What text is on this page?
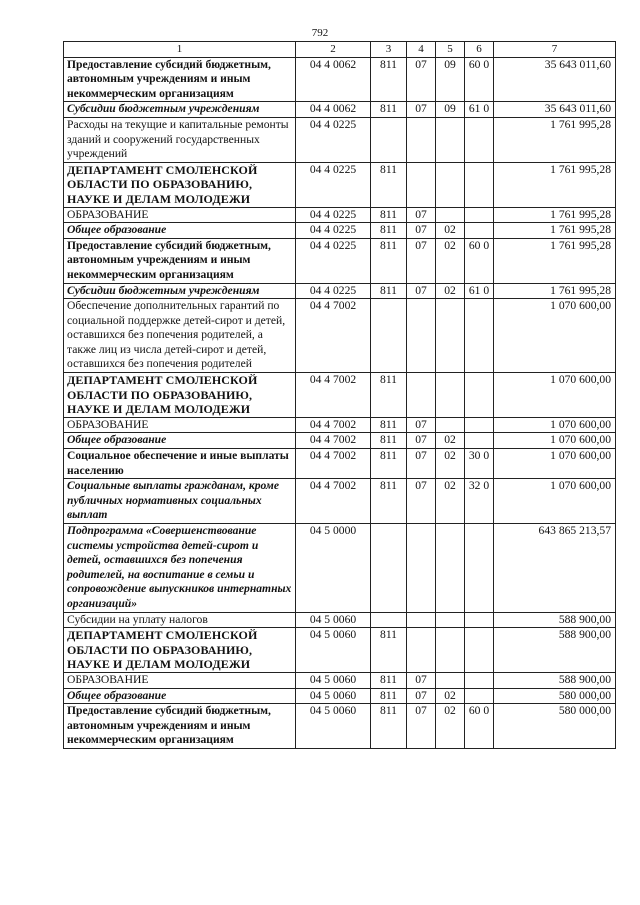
792
1	2	3	4	5	6	7
Предоставление субсидий бюджетным, автономным учреждениям и иным некоммерческим организациям	04 4 0062	811	07	09	60 0	35 643 011,60
Субсидии бюджетным учреждениям	04 4 0062	811	07	09	61 0	35 643 011,60
Расходы на текущие и капитальные ремонты зданий и сооружений государственных учреждений	04 4 0225					1 761 995,28
ДЕПАРТАМЕНТ СМОЛЕНСКОЙ ОБЛАСТИ ПО ОБРАЗОВАНИЮ, НАУКЕ И ДЕЛАМ МОЛОДЕЖИ	04 4 0225	811				1 761 995,28
ОБРАЗОВАНИЕ	04 4 0225	811	07			1 761 995,28
Общее образование	04 4 0225	811	07	02		1 761 995,28
Предоставление субсидий бюджетным, автономным учреждениям и иным некоммерческим организациям	04 4 0225	811	07	02	60 0	1 761 995,28
Субсидии бюджетным учреждениям	04 4 0225	811	07	02	61 0	1 761 995,28
Обеспечение дополнительных гарантий по социальной поддержке детей-сирот и детей, оставшихся без попечения родителей, а также лиц из числа детей-сирот и детей, оставшихся без попечения родителей	04 4 7002					1 070 600,00
ДЕПАРТАМЕНТ СМОЛЕНСКОЙ ОБЛАСТИ ПО ОБРАЗОВАНИЮ, НАУКЕ И ДЕЛАМ МОЛОДЕЖИ	04 4 7002	811				1 070 600,00
ОБРАЗОВАНИЕ	04 4 7002	811	07			1 070 600,00
Общее образование	04 4 7002	811	07	02		1 070 600,00
Социальное обеспечение и иные выплаты населению	04 4 7002	811	07	02	30 0	1 070 600,00
Социальные выплаты гражданам, кроме публичных нормативных социальных выплат	04 4 7002	811	07	02	32 0	1 070 600,00
Подпрограмма «Совершенствование системы устройства детей-сирот и детей, оставшихся без попечения родителей, на воспитание в семьи и сопровождение выпускников интернатных организаций»	04 5 0000					643 865 213,57
Субсидии на уплату налогов	04 5 0060					588 900,00
ДЕПАРТАМЕНТ СМОЛЕНСКОЙ ОБЛАСТИ ПО ОБРАЗОВАНИЮ, НАУКЕ И ДЕЛАМ МОЛОДЕЖИ	04 5 0060	811				588 900,00
ОБРАЗОВАНИЕ	04 5 0060	811	07			588 900,00
Общее образование	04 5 0060	811	07	02		580 000,00
Предоставление субсидий бюджетным, автономным учреждениям и иным некоммерческим организациям	04 5 0060	811	07	02	60 0	580 000,00
